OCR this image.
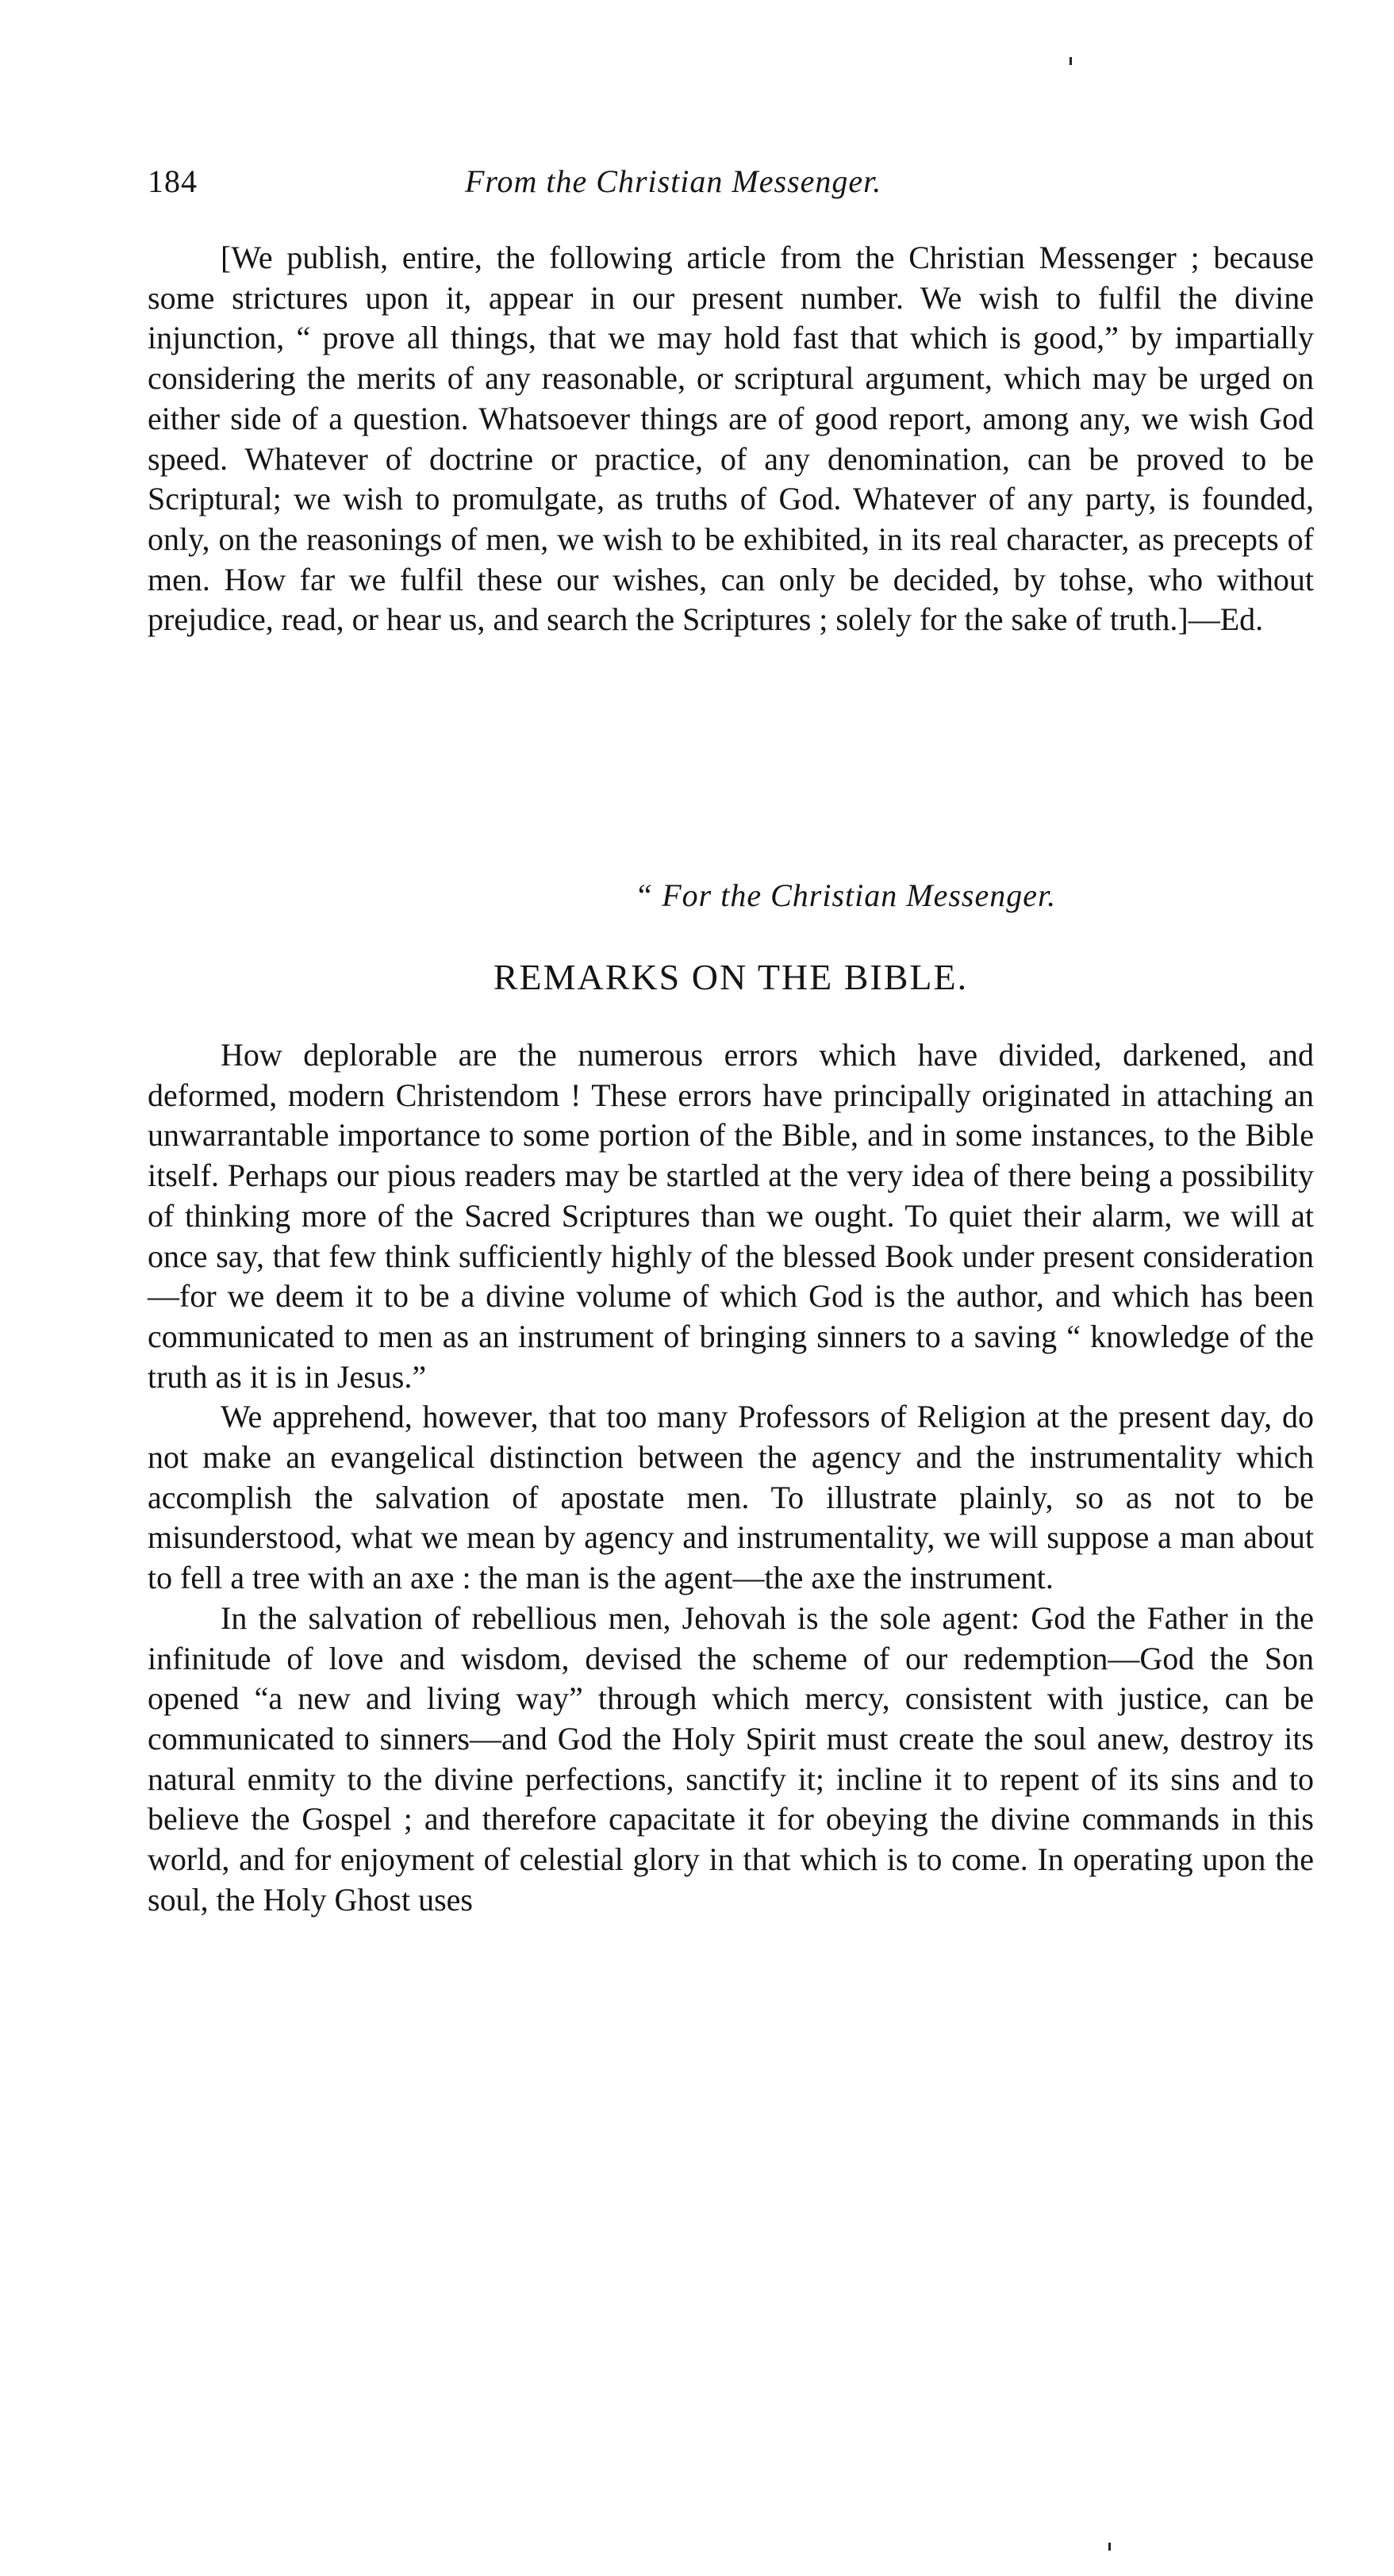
184	From the Christian Messenger.

[We publish, entire, the following article from the Christian Messenger ; because some strictures upon it, appear in our present number. We wish to fulfil the divine injunction, “ prove all things, that we may hold fast that which is good,” by impartially considering the merits of any reasonable, or scriptural argument, which may be urged on either side of a question. Whatsoever things are of good report, among any, we wish God speed. Whatever of doctrine or practice, of any denomination, can be proved to be Scriptural; we wish to promulgate, as truths of God. Whatever of any party, is founded, only, on the reasonings of men, we wish to be exhibited, in its real character, as precepts of men. How far we fulfil these our wishes, can only be decided, by tohse, who without prejudice, read, or hear us, and search the Scriptures ; solely for the sake of truth.]—Ed.

“ For the Christian Messenger.
REMARKS ON THE BIBLE.

How deplorable are the numerous errors which have divided, darkened, and deformed, modern Christendom ! These errors have principally originated in attaching an unwarrantable importance to some portion of the Bible, and in some instances, to the Bible itself. Perhaps our pious readers may be startled at the very idea of there being a possibility of thinking more of the Sacred Scriptures than we ought. To quiet their alarm, we will at once say, that few think sufficiently highly of the blessed Book under present consideration—for we deem it to be a divine volume of which God is the author, and which has been communicated to men as an instrument of bringing sinners to a saving “ knowledge of the truth as it is in Jesus.”

We apprehend, however, that too many Professors of Religion at the present day, do not make an evangelical distinction between the agency and the instrumentality which accomplish the salvation of apostate men. To illustrate plainly, so as not to be misunderstood, what we mean by agency and instrumentality, we will suppose a man about to fell a tree with an axe : the man is the agent—the axe the instrument.

In the salvation of rebellious men, Jehovah is the sole agent: God the Father in the infinitude of love and wisdom, devised the scheme of our redemption—God the Son opened “a new and living way” through which mercy, consistent with justice, can be communicated to sinners—and God the Holy Spirit must create the soul anew, destroy its natural enmity to the divine perfections, sanctify it; incline it to repent of its sins and to believe the Gospel ; and therefore capacitate it for obeying the divine commands in this world, and for enjoyment of celestial glory in that which is to come. In operating upon the soul, the Holy Ghost uses
